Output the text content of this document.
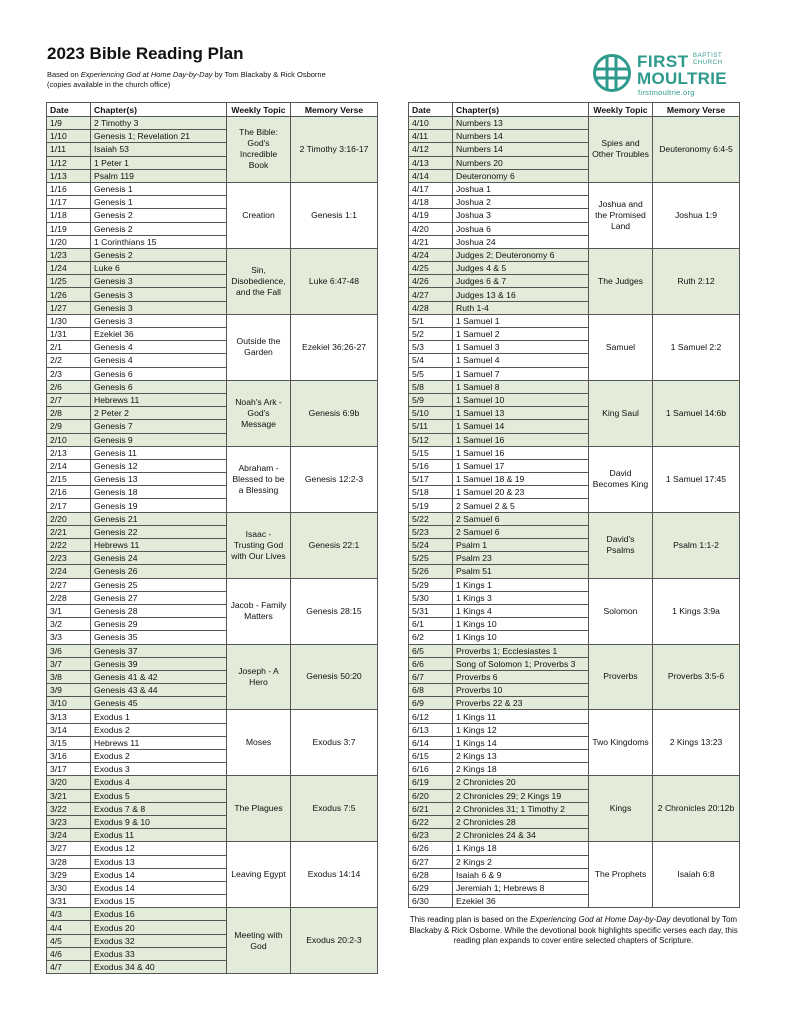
2023 Bible Reading Plan
Based on Experiencing God at Home Day-by-Day by Tom Blackaby & Rick Osborne
(copies available in the church office)
FIRST BAPTIST
CHURCH
MOULTRIE
firstmoultrie.org
Date	Chapter(s)	Weekly Topic	Memory Verse
1/9	2 Timothy 3	The Bible: God's Incredible Book	2 Timothy 3:16-17
1/10	Genesis 1; Revelation 21		
1/11	Isaiah 53		
1/12	1 Peter 1		
1/13	Psalm 119		
1/16	Genesis 1	Creation	Genesis 1:1
1/17	Genesis 1		
1/18	Genesis 2		
1/19	Genesis 2		
1/20	1 Corinthians 15		
1/23	Genesis 2	Sin, Disobedience, and the Fall	Luke 6:47-48
1/24	Luke 6		
1/25	Genesis 3		
1/26	Genesis 3		
1/27	Genesis 3		
1/30	Genesis 3	Outside the Garden	Ezekiel 36:26-27
1/31	Ezekiel 36		
2/1	Genesis 4		
2/2	Genesis 4		
2/3	Genesis 6		
2/6	Genesis 6	Noah's Ark - God's Message	Genesis 6:9b
2/7	Hebrews 11		
2/8	2 Peter 2		
2/9	Genesis 7		
2/10	Genesis 9		
2/13	Genesis 11	Abraham - Blessed to be a Blessing	Genesis 12:2-3
2/14	Genesis 12		
2/15	Genesis 13		
2/16	Genesis 18		
2/17	Genesis 19		
2/20	Genesis 21	Isaac - Trusting God with Our Lives	Genesis 22:1
2/21	Genesis 22		
2/22	Hebrews 11		
2/23	Genesis 24		
2/24	Genesis 26		
2/27	Genesis 25	Jacob - Family Matters	Genesis 28:15
2/28	Genesis 27		
3/1	Genesis 28		
3/2	Genesis 29		
3/3	Genesis 35		
3/6	Genesis 37	Joseph - A Hero	Genesis 50:20
3/7	Genesis 39		
3/8	Genesis 41 & 42		
3/9	Genesis 43 & 44		
3/10	Genesis 45		
3/13	Exodus 1	Moses	Exodus 3:7
3/14	Exodus 2		
3/15	Hebrews 11		
3/16	Exodus 2		
3/17	Exodus 3		
3/20	Exodus 4	The Plagues	Exodus 7:5
3/21	Exodus 5		
3/22	Exodus 7 & 8		
3/23	Exodus 9 & 10		
3/24	Exodus 11		
3/27	Exodus 12	Leaving Egypt	Exodus 14:14
3/28	Exodus 13		
3/29	Exodus 14		
3/30	Exodus 14		
3/31	Exodus 15		
4/3	Exodus 16	Meeting with God	Exodus 20:2-3
4/4	Exodus 20		
4/5	Exodus 32		
4/6	Exodus 33		
4/7	Exodus 34 & 40		
Date	Chapter(s)	Weekly Topic	Memory Verse
4/10	Numbers 13	Spies and Other Troubles	Deuteronomy 6:4-5
4/11	Numbers 14		
4/12	Numbers 14		
4/13	Numbers 20		
4/14	Deuteronomy 6		
4/17	Joshua 1	Joshua and the Promised Land	Joshua 1:9
4/18	Joshua 2		
4/19	Joshua 3		
4/20	Joshua 6		
4/21	Joshua 24		
4/24	Judges 2; Deuteronomy 6	The Judges	Ruth 2:12
4/25	Judges 4 & 5		
4/26	Judges 6 & 7		
4/27	Judges 13 & 16		
4/28	Ruth 1-4		
5/1	1 Samuel 1	Samuel	1 Samuel 2:2
5/2	1 Samuel 2		
5/3	1 Samuel 3		
5/4	1 Samuel 4		
5/5	1 Samuel 7		
5/8	1 Samuel 8	King Saul	1 Samuel 14:6b
5/9	1 Samuel 10		
5/10	1 Samuel 13		
5/11	1 Samuel 14		
5/12	1 Samuel 16		
5/15	1 Samuel 16	David Becomes King	1 Samuel 17:45
5/16	1 Samuel 17		
5/17	1 Samuel 18 & 19		
5/18	1 Samuel 20 & 23		
5/19	2 Samuel 2 & 5		
5/22	2 Samuel 6	David's Psalms	Psalm 1:1-2
5/23	2 Samuel 6		
5/24	Psalm 1		
5/25	Psalm 23		
5/26	Psalm 51		
5/29	1 Kings 1	Solomon	1 Kings 3:9a
5/30	1 Kings 3		
5/31	1 Kings 4		
6/1	1 Kings 10		
6/2	1 Kings 10		
6/5	Proverbs 1; Ecclesiastes 1	Proverbs	Proverbs 3:5-6
6/6	Song of Solomon 1; Proverbs 3		
6/7	Proverbs 6		
6/8	Proverbs 10		
6/9	Proverbs 22 & 23		
6/12	1 Kings 11	Two Kingdoms	2 Kings 13:23
6/13	1 Kings 12		
6/14	1 Kings 14		
6/15	2 Kings 13		
6/16	2 Kings 18		
6/19	2 Chronicles 20	Kings	2 Chronicles 20:12b
6/20	2 Chronicles 29; 2 Kings 19		
6/21	2 Chronicles 31; 1 Timothy 2		
6/22	2 Chronicles 28		
6/23	2 Chronicles 24 & 34		
6/26	1 Kings 18	The Prophets	Isaiah 6:8
6/27	2 Kings 2		
6/28	Isaiah 6 & 9		
6/29	Jeremiah 1; Hebrews 8		
6/30	Ezekiel 36		
This reading plan is based on the Experiencing God at Home Day-by-Day devotional by Tom Blackaby & Rick Osborne. While the devotional book highlights specific verses each day, this reading plan expands to cover entire selected chapters of Scripture.
